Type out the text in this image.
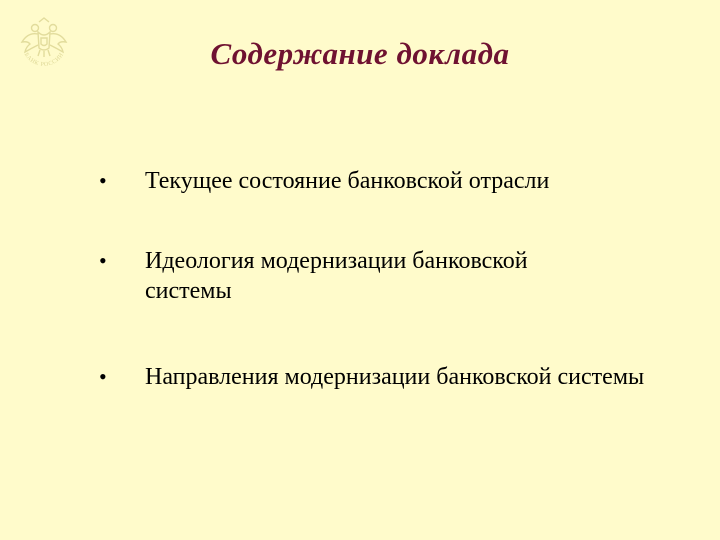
БАНК РОССИИ	Содержание доклада
• Текущее состояние банковской отрасли
• Идеология модернизации банковской системы
• Направления модернизации банковской системы
